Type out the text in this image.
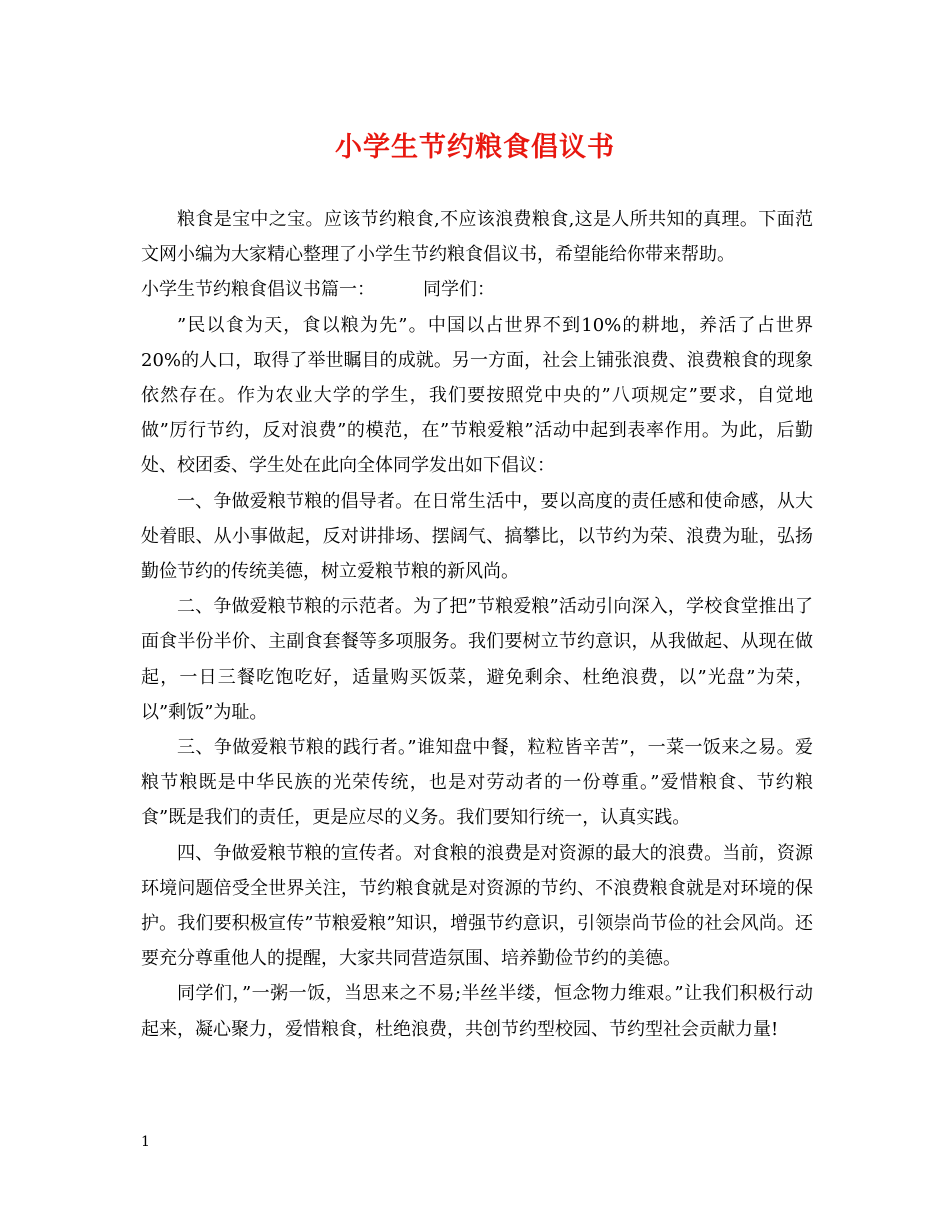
小学生节约粮食倡议书

粮食是宝中之宝。应该节约粮食,不应该浪费粮食,这是人所共知的真理。下面范文网小编为大家精心整理了小学生节约粮食倡议书，希望能给你带来帮助。

小学生节约粮食倡议书篇一：	同学们：

”民以食为天，食以粮为先”。中国以占世界不到10%的耕地，养活了占世界20%的人口，取得了举世瞩目的成就。另一方面，社会上铺张浪费、浪费粮食的现象依然存在。作为农业大学的学生，我们要按照党中央的”八项规定”要求，自觉地做”厉行节约，反对浪费”的模范，在”节粮爱粮”活动中起到表率作用。为此，后勤处、校团委、学生处在此向全体同学发出如下倡议：

一、争做爱粮节粮的倡导者。在日常生活中，要以高度的责任感和使命感，从大处着眼、从小事做起，反对讲排场、摆阔气、搞攀比，以节约为荣、浪费为耻，弘扬勤俭节约的传统美德，树立爱粮节粮的新风尚。

二、争做爱粮节粮的示范者。为了把”节粮爱粮”活动引向深入，学校食堂推出了面食半份半价、主副食套餐等多项服务。我们要树立节约意识，从我做起、从现在做起，一日三餐吃饱吃好，适量购买饭菜，避免剩余、杜绝浪费，以”光盘”为荣，以”剩饭”为耻。

三、争做爱粮节粮的践行者。”谁知盘中餐，粒粒皆辛苦”，一菜一饭来之易。爱粮节粮既是中华民族的光荣传统，也是对劳动者的一份尊重。”爱惜粮食、节约粮食”既是我们的责任，更是应尽的义务。我们要知行统一，认真实践。

四、争做爱粮节粮的宣传者。对食粮的浪费是对资源的最大的浪费。当前，资源环境问题倍受全世界关注，节约粮食就是对资源的节约、不浪费粮食就是对环境的保护。我们要积极宣传”节粮爱粮”知识，增强节约意识，引领崇尚节俭的社会风尚。还要充分尊重他人的提醒，大家共同营造氛围、培养勤俭节约的美德。

同学们，”一粥一饭，当思来之不易;半丝半缕，恒念物力维艰。”让我们积极行动起来，凝心聚力，爱惜粮食，杜绝浪费，共创节约型校园、节约型社会贡献力量!

1
